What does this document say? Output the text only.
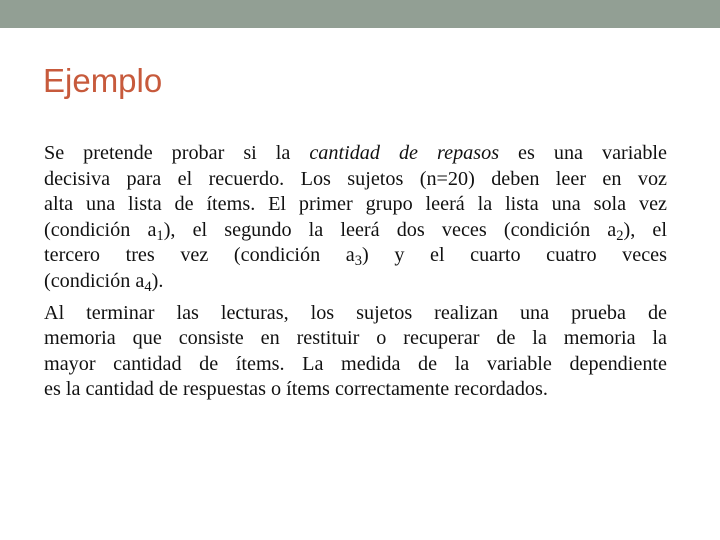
Ejemplo

Se pretende probar si la cantidad de repasos es una variable
decisiva para el recuerdo. Los sujetos (n=20) deben leer en voz
alta una lista de ítems. El primer grupo leerá la lista una sola vez
(condición $a_1$), el segundo la leerá dos veces (condición $a_2$), el
tercero tres vez (condición $a_3$) y el cuarto cuatro veces
(condición $a_4$).

Al terminar las lecturas, los sujetos realizan una prueba de
memoria que consiste en restituir o recuperar de la memoria la
mayor cantidad de ítems. La medida de la variable dependiente
es la cantidad de respuestas o ítems correctamente recordados.
